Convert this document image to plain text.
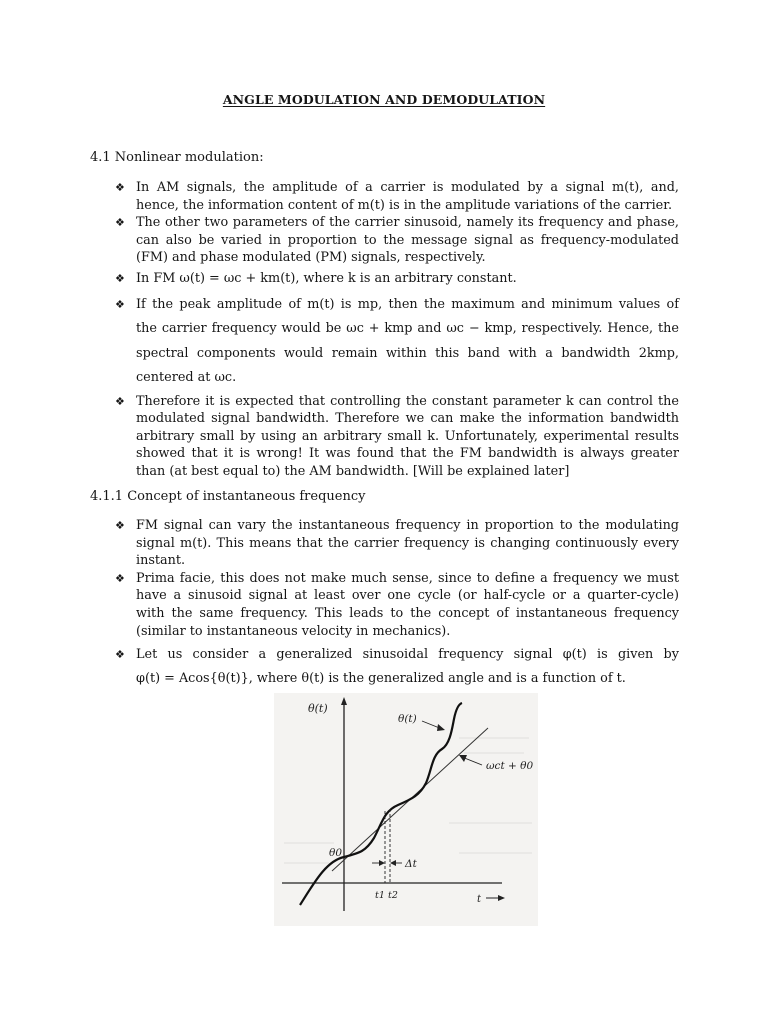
ANGLE MODULATION AND DEMODULATION
4.1 Nonlinear modulation:
❖ In AM signals, the amplitude of a carrier is modulated by a signal m(t), and,
hence, the information content of m(t) is in the amplitude variations of the carrier.
❖ The other two parameters of the carrier sinusoid, namely its frequency and phase,
can also be varied in proportion to the message signal as frequency-modulated
(FM) and phase modulated (PM) signals, respectively.
❖ In FM ω(t) = ωc + km(t), where k is an arbitrary constant.
❖ If the peak amplitude of m(t) is mp, then the maximum and minimum values of
the carrier frequency would be ωc + kmp and ωc − kmp, respectively. Hence, the
spectral components would remain within this band with a bandwidth 2kmp,
centered at ωc.
❖ Therefore it is expected that controlling the constant parameter k can control the
modulated signal bandwidth. Therefore we can make the information bandwidth
arbitrary small by using an arbitrary small k. Unfortunately, experimental results
showed that it is wrong! It was found that the FM bandwidth is always greater
than (at best equal to) the AM bandwidth. [Will be explained later]
4.1.1 Concept of instantaneous frequency
❖ FM signal can vary the instantaneous frequency in proportion to the modulating
signal m(t). This means that the carrier frequency is changing continuously every
instant.
❖ Prima facie, this does not make much sense, since to define a frequency we must
have a sinusoid signal at least over one cycle (or half-cycle or a quarter-cycle)
with the same frequency. This leads to the concept of instantaneous frequency
(similar to instantaneous velocity in mechanics).
❖ Let us consider a generalized sinusoidal frequency signal φ(t) is given by
φ(t) = Acos{θ(t)}, where θ(t) is the generalized angle and is a function of t.
θ(t)
t
θ(t)
ωct + θ0
θ0
Δt
t1 t2
